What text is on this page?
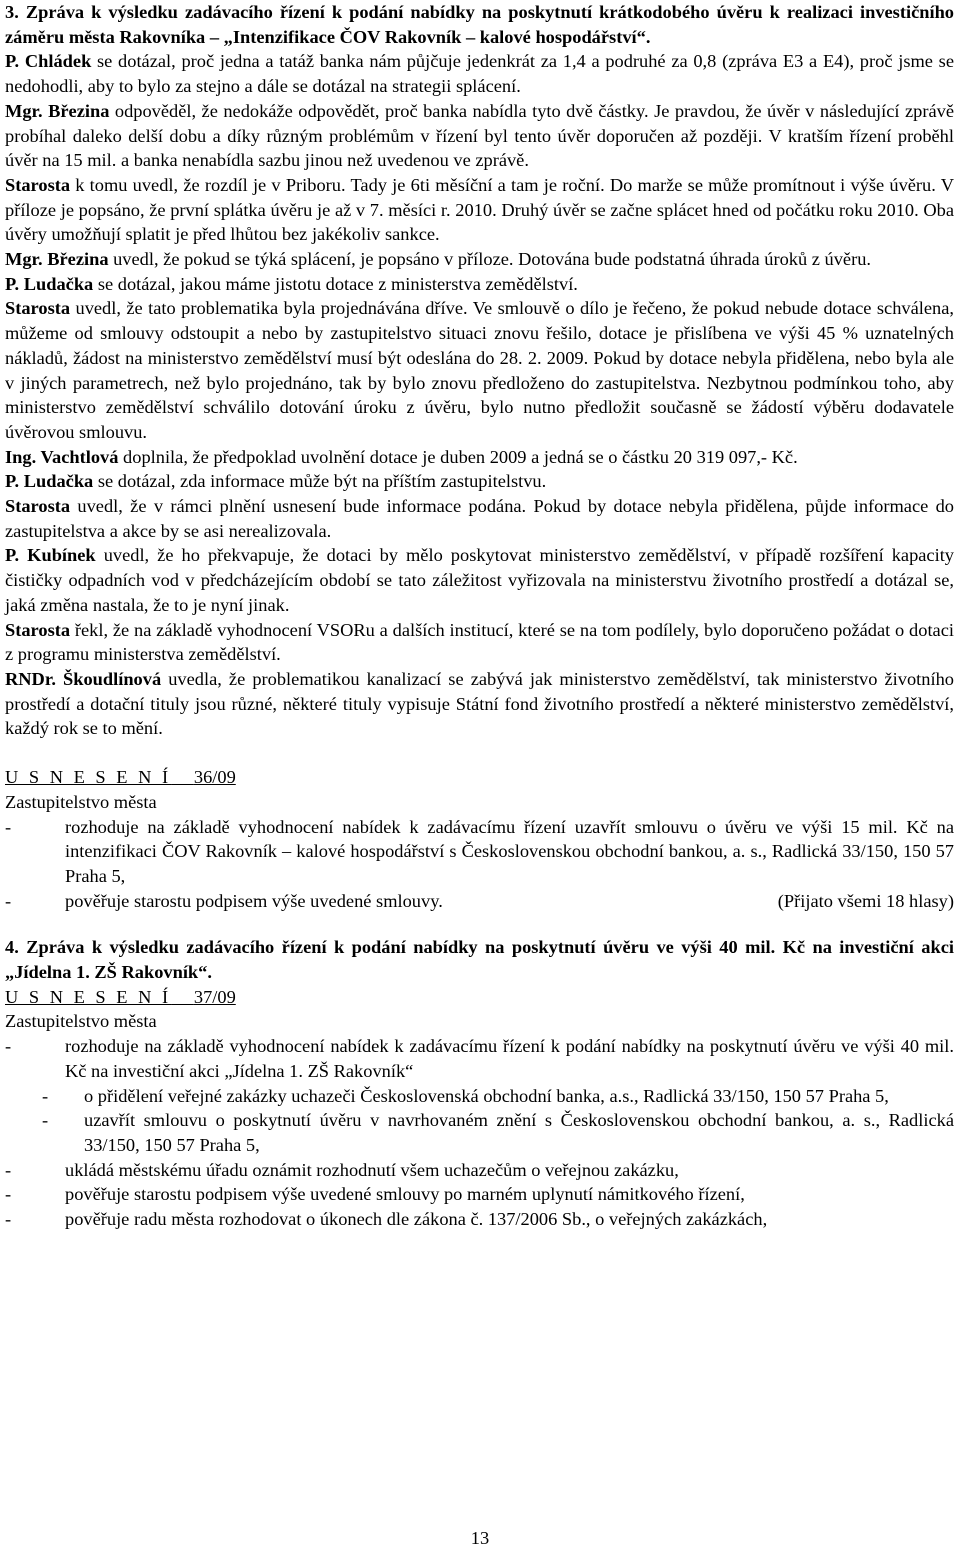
3. Zpráva k výsledku zadávacího řízení k podání nabídky na poskytnutí krátkodobého úvěru k realizaci investičního záměru města Rakovníka – „Intenzifikace ČOV Rakovník – kalové hospodářství“.

P. Chládek se dotázal, proč jedna a tatáž banka nám půjčuje jedenkrát za 1,4 a podruhé za 0,8 (zpráva E3 a E4), proč jsme se nedohodli, aby to bylo za stejno a dále se dotázal na strategii splácení.

Mgr. Březina odpověděl, že nedokáže odpovědět, proč banka nabídla tyto dvě částky. Je pravdou, že úvěr v následující zprávě probíhal daleko delší dobu a díky různým problémům v řízení byl tento úvěr doporučen až později. V kratším řízení proběhl úvěr na 15 mil. a banka nenabídla sazbu jinou než uvedenou ve zprávě.

Starosta k tomu uvedl, že rozdíl je v Priboru. Tady je 6ti měsíční a tam je roční. Do marže se může promítnout i výše úvěru. V příloze je popsáno, že první splátka úvěru je až v 7. měsíci r. 2010. Druhý úvěr se začne splácet hned od počátku roku 2010. Oba úvěry umožňují splatit je před lhůtou bez jakékoliv sankce.

Mgr. Březina uvedl, že pokud se týká splácení, je popsáno v příloze. Dotována bude podstatná úhrada úroků z úvěru.

P. Ludačka se dotázal, jakou máme jistotu dotace z ministerstva zemědělství.

Starosta uvedl, že tato problematika byla projednávána dříve. Ve smlouvě o dílo je řečeno, že pokud nebude dotace schválena, můžeme od smlouvy odstoupit a nebo by zastupitelstvo situaci znovu řešilo, dotace je přislíbena ve výši 45 % uznatelných nákladů, žádost na ministerstvo zemědělství musí být odeslána do 28. 2. 2009. Pokud by dotace nebyla přidělena, nebo byla ale v jiných parametrech, než bylo projednáno, tak by bylo znovu předloženo do zastupitelstva. Nezbytnou podmínkou toho, aby ministerstvo zemědělství schválilo dotování úroku z úvěru, bylo nutno předložit současně se žádostí výběru dodavatele úvěrovou smlouvu.

Ing. Vachtlová doplnila, že předpoklad uvolnění dotace je duben 2009 a jedná se o částku 20 319 097,- Kč.

P. Ludačka se dotázal, zda informace může být na příštím zastupitelstvu.

Starosta uvedl, že v rámci plnění usnesení bude informace podána. Pokud by dotace nebyla přidělena, půjde informace do zastupitelstva a akce by se asi nerealizovala.

P. Kubínek uvedl, že ho překvapuje, že dotaci by mělo poskytovat ministerstvo zemědělství, v případě rozšíření kapacity čističky odpadních vod v předcházejícím období se tato záležitost vyřizovala na ministerstvu životního prostředí a dotázal se, jaká změna nastala, že to je nyní jinak.

Starosta řekl, že na základě vyhodnocení VSORu a dalších institucí, které se na tom podílely, bylo doporučeno požádat o dotaci z programu ministerstva zemědělství.

RNDr. Škoudlínová uvedla, že problematikou kanalizací se zabývá jak ministerstvo zemědělství, tak ministerstvo životního prostředí a dotační tituly jsou různé, některé tituly vypisuje Státní fond životního prostředí a některé ministerstvo zemědělství, každý rok se to mění.

U S N E S E N Í 36/09

Zastupitelstvo města

-	rozhoduje na základě vyhodnocení nabídek k zadávacímu řízení uzavřít smlouvu o úvěru ve výši 15 mil. Kč na intenzifikaci ČOV Rakovník – kalové hospodářství s Československou obchodní bankou, a. s., Radlická 33/150, 150 57 Praha 5,
-	pověřuje starostu podpisem výše uvedené smlouvy.	(Přijato všemi 18 hlasy)

4. Zpráva k výsledku zadávacího řízení k podání nabídky na poskytnutí úvěru ve výši 40 mil. Kč na investiční akci „Jídelna 1. ZŠ Rakovník“.

U S N E S E N Í 37/09

Zastupitelstvo města

-	rozhoduje na základě vyhodnocení nabídek k zadávacímu řízení k podání nabídky na poskytnutí úvěru ve výši 40 mil. Kč na investiční akci „Jídelna 1. ZŠ Rakovník“
- o přidělení veřejné zakázky uchazeči Československá obchodní banka, a.s., Radlická 33/150, 150 57 Praha 5,
- uzavřít smlouvu o poskytnutí úvěru v navrhovaném znění s Československou obchodní bankou, a. s., Radlická 33/150, 150 57 Praha 5,
-	ukládá městskému úřadu oznámit rozhodnutí všem uchazečům o veřejnou zakázku,
-	pověřuje starostu podpisem výše uvedené smlouvy po marném uplynutí námitkového řízení,
-	pověřuje radu města rozhodovat o úkonech dle zákona č. 137/2006 Sb., o veřejných zakázkách,
13
